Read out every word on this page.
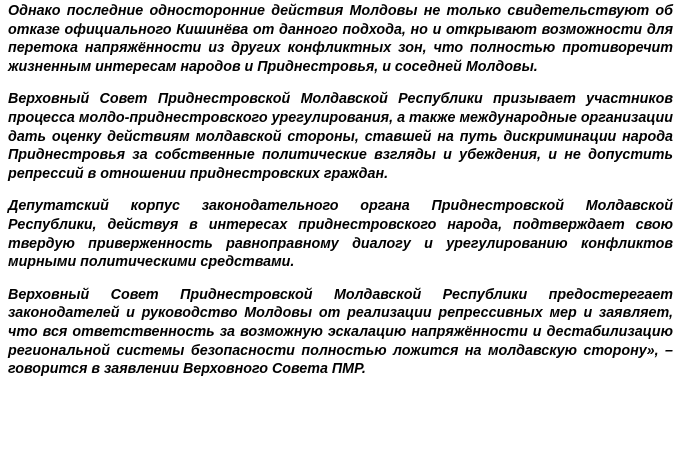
Однако последние односторонние действия Молдовы не только свидетельствуют об отказе официального Кишинёва от данного подхода, но и открывают возможности для перетока напряжённости из других конфликтных зон, что полностью противоречит жизненным интересам народов и Приднестровья, и соседней Молдовы.

Верховный Совет Приднестровской Молдавской Республики призывает участников процесса молдо-приднестровского урегулирования, а также международные организации дать оценку действиям молдавской стороны, ставшей на путь дискриминации народа Приднестровья за собственные политические взгляды и убеждения, и не допустить репрессий в отношении приднестровских граждан.

Депутатский корпус законодательного органа Приднестровской Молдавской Республики, действуя в интересах приднестровского народа, подтверждает свою твердую приверженность равноправному диалогу и урегулированию конфликтов мирными политическими средствами.

Верховный Совет Приднестровской Молдавской Республики предостерегает законодателей и руководство Молдовы от реализации репрессивных мер и заявляет, что вся ответственность за возможную эскалацию напряжённости и дестабилизацию региональной системы безопасности полностью ложится на молдавскую сторону», – говорится в заявлении Верховного Совета ПМР.
